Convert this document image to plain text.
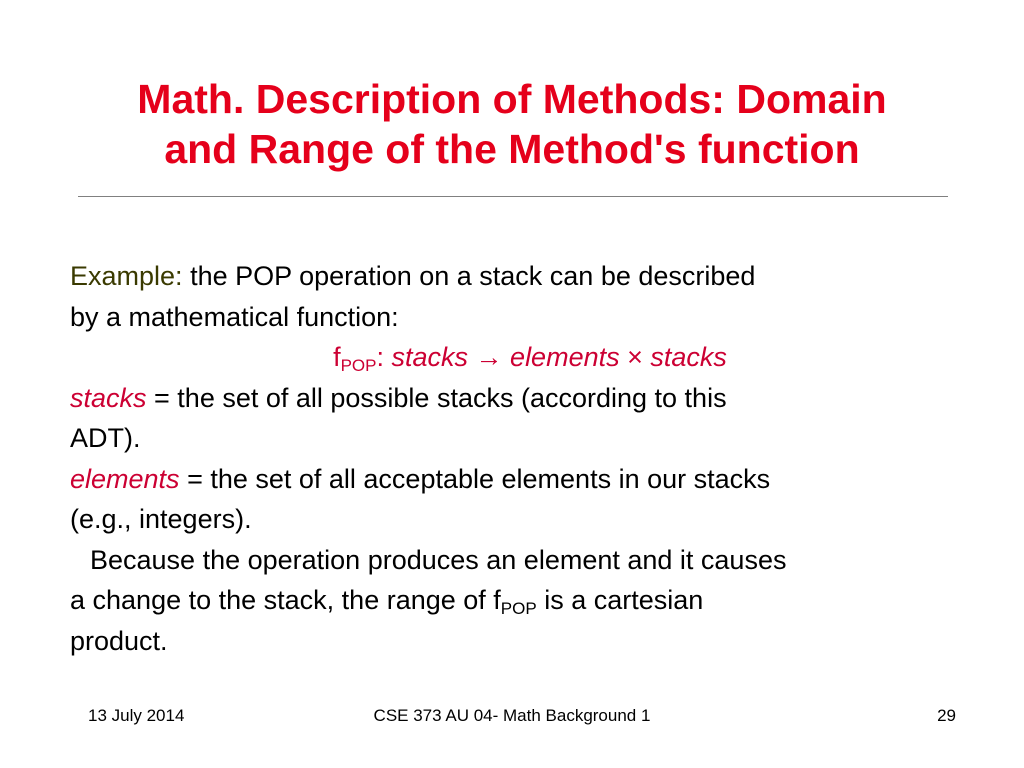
Math. Description of Methods: Domain
and Range of the Method's function

Example: the POP operation on a stack can be described

by a mathematical function:

$f_{POP}$: stacks → elements × stacks

stacks = the set of all possible stacks (according to this

ADT).

elements = the set of all acceptable elements in our stacks

(e.g., integers).

Because the operation produces an element and it causes

a change to the stack, the range of $f_{POP}$ is a cartesian

product.

13 July 2014	CSE 373 AU 04- Math Background 1	29
